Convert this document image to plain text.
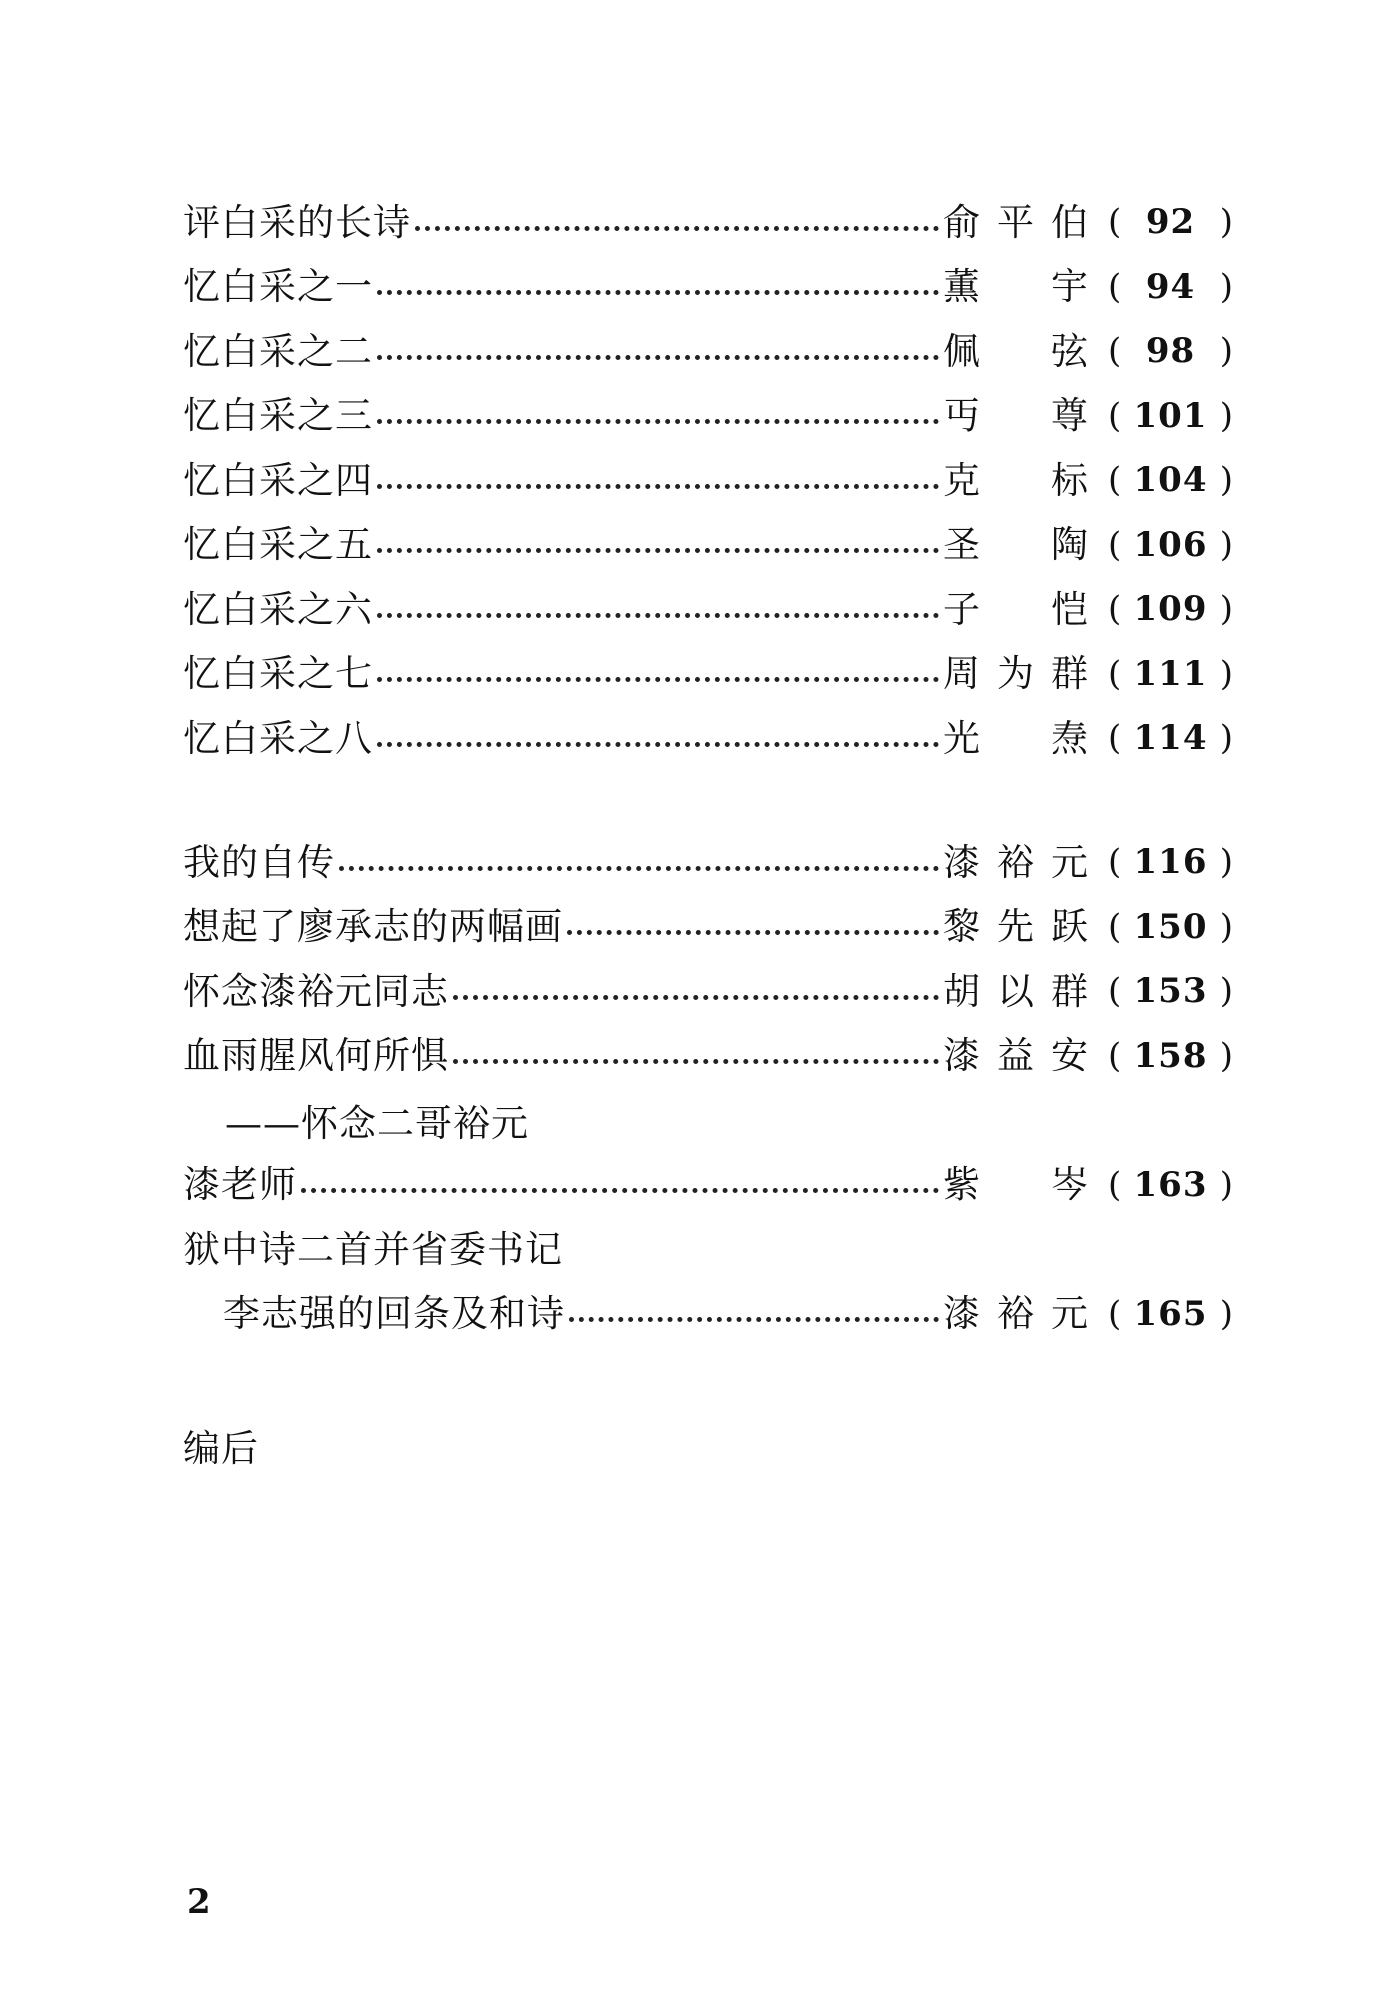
评白采的长诗	俞 平 伯 ( 92 )
忆白采之一	薫 宇 ( 94 )
忆白采之二	佩 弦 ( 98 )
忆白采之三	丏 尊 ( 101 )
忆白采之四	克 标 ( 104 )
忆白采之五	圣 陶 ( 106 )
忆白采之六	子 恺 ( 109 )
忆白采之七	周 为 群 ( 111 )
忆白采之八	光 焘 ( 114 )
我的自传	漆 裕 元 ( 116 )
想起了廖承志的两幅画	黎 先 跃 ( 150 )
怀念漆裕元同志	胡 以 群 ( 153 )
血雨腥风何所惧	漆 益 安 ( 158 )
——怀念二哥裕元
漆老师	紫 岑 ( 163 )
狱中诗二首并省委书记
李志强的回条及和诗	漆 裕 元 ( 165 )
编后
2
